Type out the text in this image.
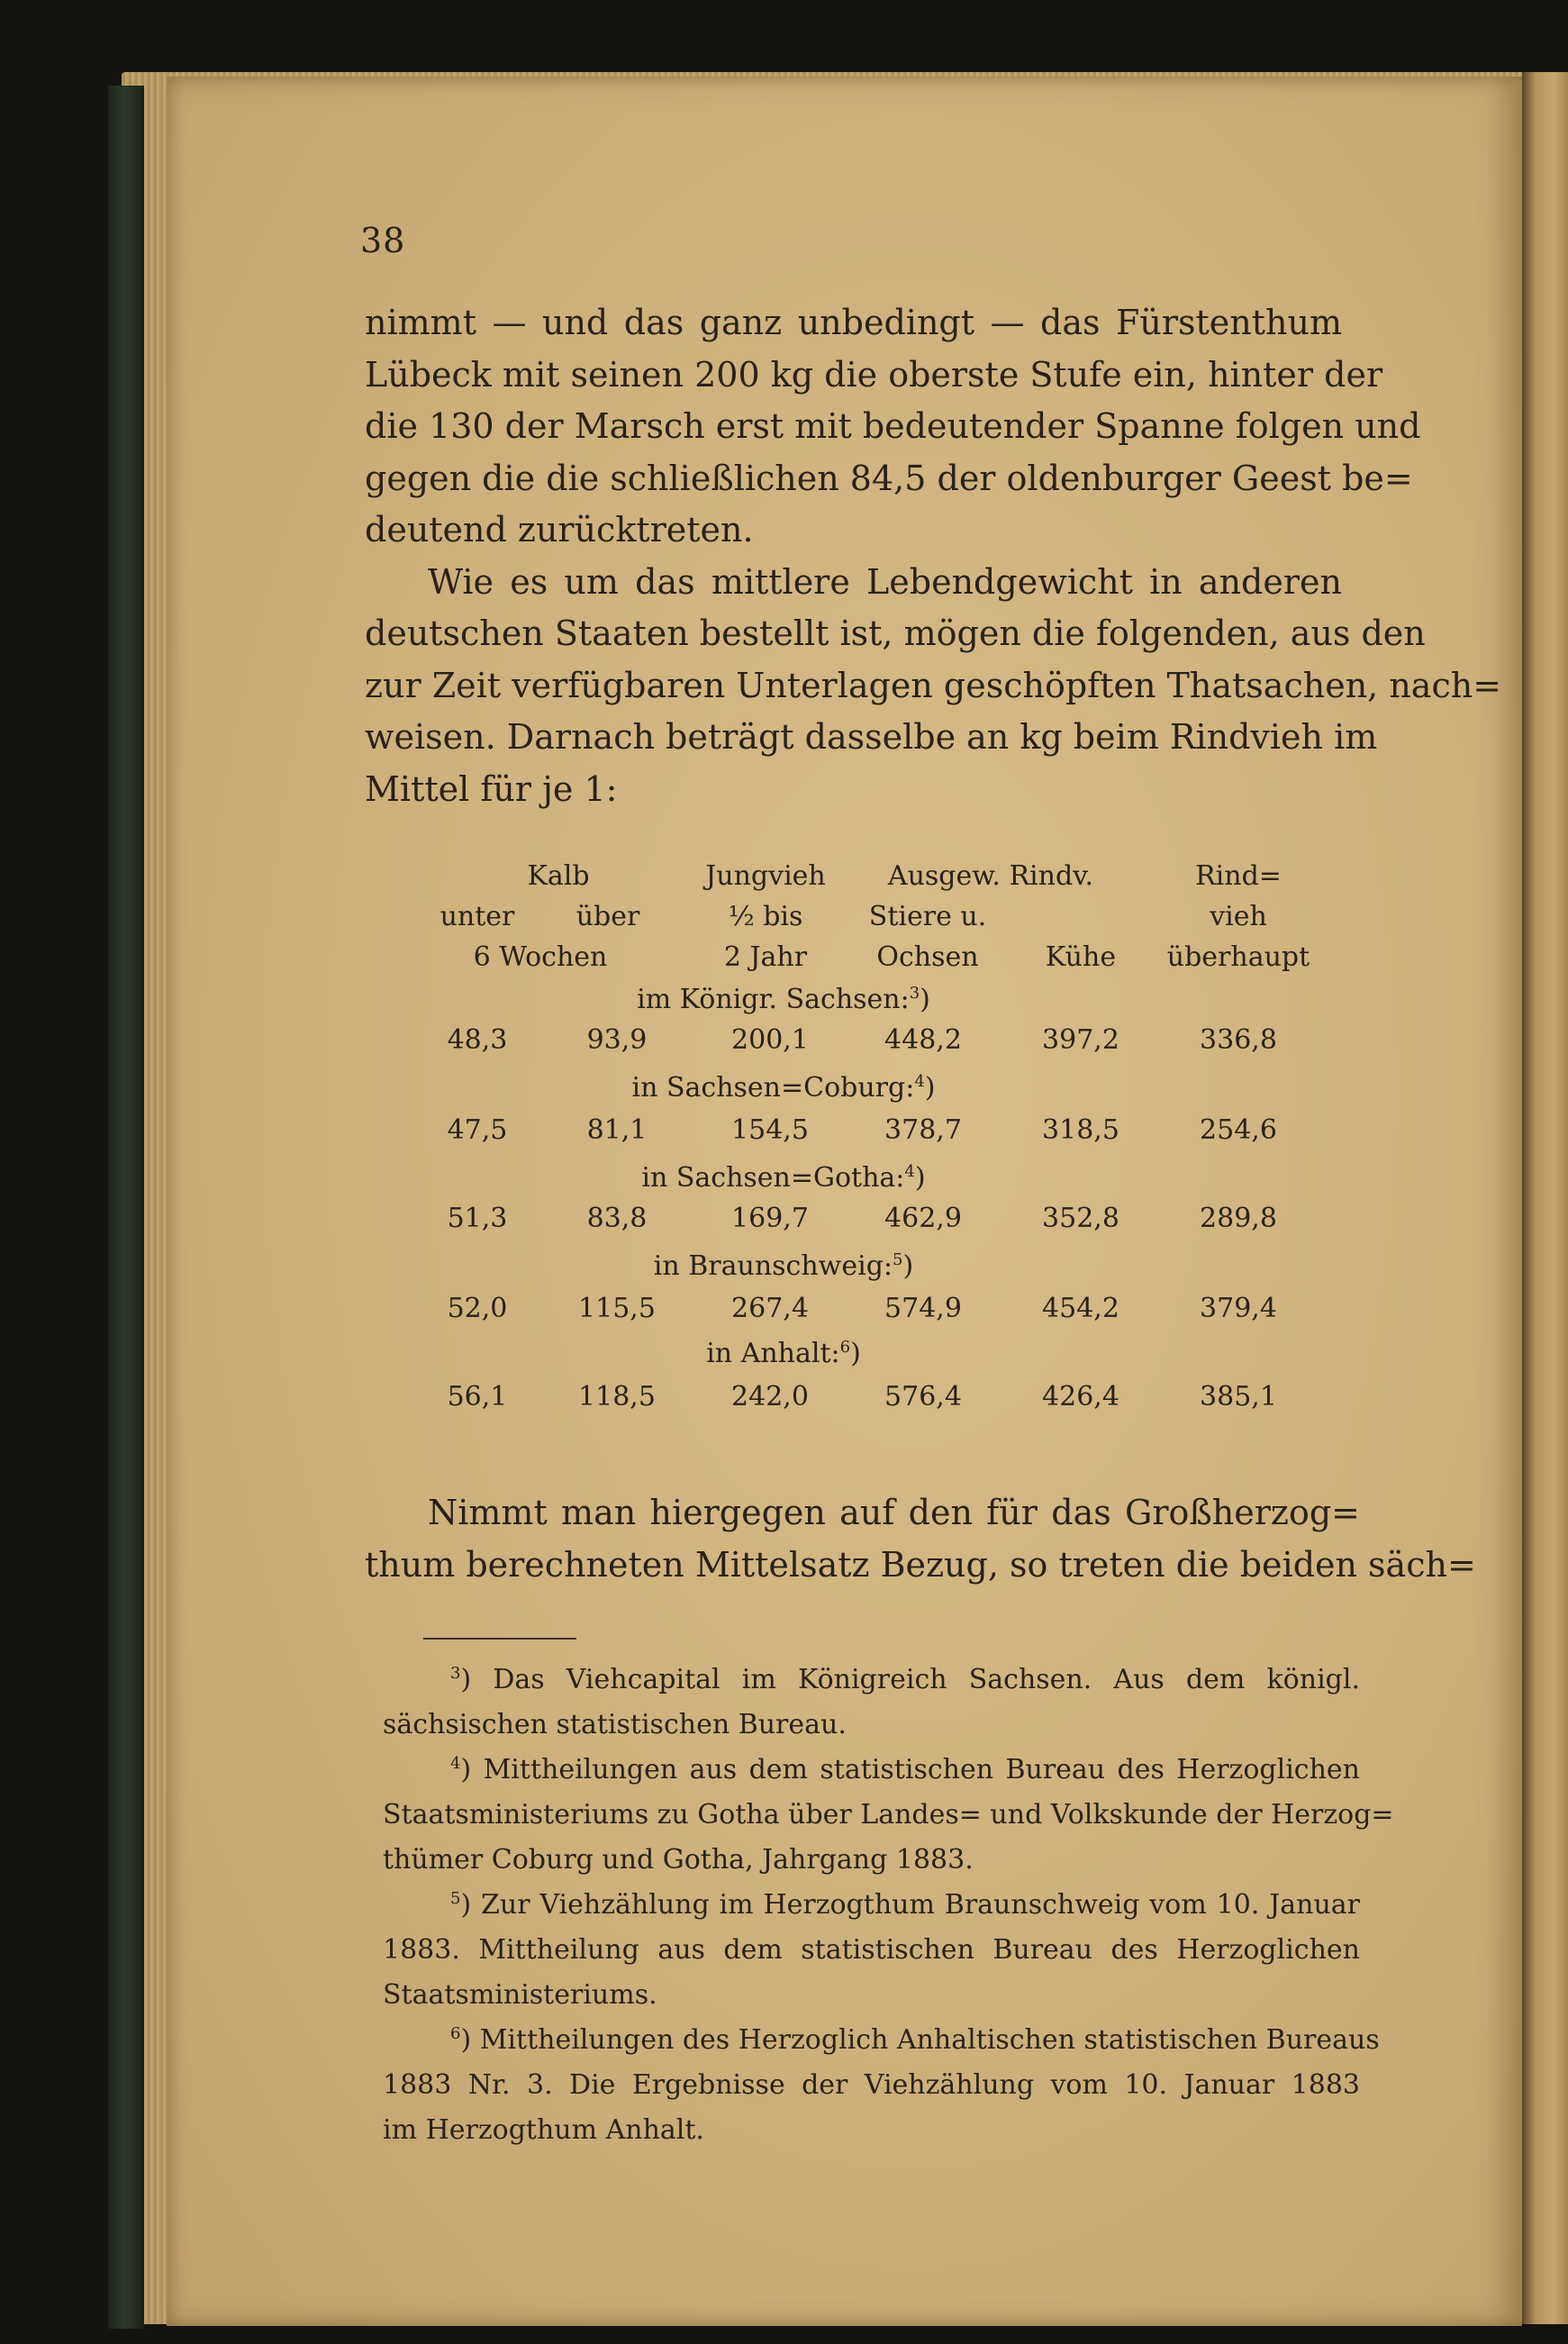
38
nimmt — und das ganz unbedingt — das Fürstenthum
Lübeck mit seinen 200 kg die oberste Stufe ein, hinter der
die 130 der Marsch erst mit bedeutender Spanne folgen und
gegen die die schließlichen 84,5 der oldenburger Geest be=
deutend zurücktreten.
Wie es um das mittlere Lebendgewicht in anderen
deutschen Staaten bestellt ist, mögen die folgenden, aus den
zur Zeit verfügbaren Unterlagen geschöpften Thatsachen, nach=
weisen. Darnach beträgt dasselbe an kg beim Rindvieh im
Mittel für je 1:
Kalb	Jungvieh	Ausgew. Rindv.	Rind=
unter	über	½ bis	Stiere u.	vieh
6 Wochen	2 Jahr	Ochsen	Kühe	überhaupt
im Königr. Sachsen:$^3$)
48,3	93,9	200,1	448,2	397,2	336,8
in Sachsen=Coburg:$^4$)
47,5	81,1	154,5	378,7	318,5	254,6
in Sachsen=Gotha:$^4$)
51,3	83,8	169,7	462,9	352,8	289,8
in Braunschweig:$^5$)
52,0	115,5	267,4	574,9	454,2	379,4
in Anhalt:$^6$)
56,1	118,5	242,0	576,4	426,4	385,1
Nimmt man hiergegen auf den für das Großherzog=
thum berechneten Mittelsatz Bezug, so treten die beiden säch=
$^3$) Das Viehcapital im Königreich Sachsen. Aus dem königl.
sächsischen statistischen Bureau.
$^4$) Mittheilungen aus dem statistischen Bureau des Herzoglichen
Staatsministeriums zu Gotha über Landes= und Volkskunde der Herzog=
thümer Coburg und Gotha, Jahrgang 1883.
$^5$) Zur Viehzählung im Herzogthum Braunschweig vom 10. Januar
1883. Mittheilung aus dem statistischen Bureau des Herzoglichen
Staatsministeriums.
$^6$) Mittheilungen des Herzoglich Anhaltischen statistischen Bureaus
1883 Nr. 3. Die Ergebnisse der Viehzählung vom 10. Januar 1883
im Herzogthum Anhalt.
